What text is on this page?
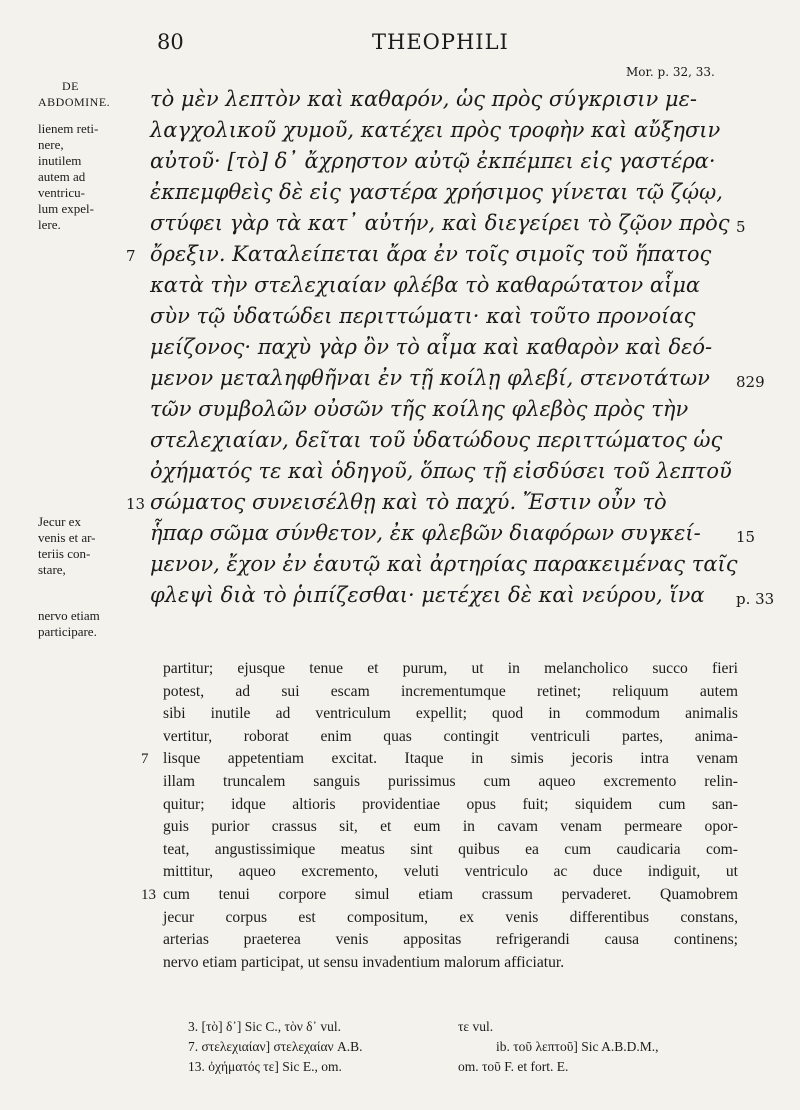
80	THEOPHILI
Mor. p. 32, 33.
DE
ABDOMINE.
lienem reti-
nere,
inutilem
autem ad
ventricu-
lum expel-
lere.
Jecur ex
venis et ar-
teriis con-
stare,
nervo etiam
participare.
τὸ μὲν λεπτὸν καὶ καθαρόν, ὡς πρὸς σύγκρισιν με-
λαγχολικοῦ χυμοῦ, κατέχει πρὸς τροφὴν καὶ αὔξησιν
αὐτοῦ· [τὸ] δ᾽ ἄχρηστον αὐτῷ ἐκπέμπει εἰς γαστέρα·
ἐκπεμφθεὶς δὲ εἰς γαστέρα χρήσιμος γίνεται τῷ ζῴῳ,
στύφει γὰρ τὰ κατ᾽ αὐτήν, καὶ διεγείρει τὸ ζῷον πρὸς 5
7 ὄρεξιν. Καταλείπεται ἄρα ἐν τοῖς σιμοῖς τοῦ ἥπατος
κατὰ τὴν στελεχιαίαν φλέβα τὸ καθαρώτατον αἷμα
σὺν τῷ ὑδατώδει περιττώματι· καὶ τοῦτο προνοίας
μείζονος· παχὺ γὰρ ὂν τὸ αἷμα καὶ καθαρὸν καὶ δεό-
μενον μεταληφθῆναι ἐν τῇ κοίλῃ φλεβί, στενοτάτων 829
τῶν συμβολῶν οὐσῶν τῆς κοίλης φλεβὸς πρὸς τὴν
στελεχιαίαν, δεῖται τοῦ ὑδατώδους περιττώματος ὡς
ὀχήματός τε καὶ ὁδηγοῦ, ὅπως τῇ εἰσδύσει τοῦ λεπτοῦ
13 σώματος συνεισέλθῃ καὶ τὸ παχύ. Ἔστιν οὖν τὸ
ἧπαρ σῶμα σύνθετον, ἐκ φλεβῶν διαφόρων συγκεί- 15
μενον, ἔχον ἐν ἑαυτῷ καὶ ἀρτηρίας παρακειμένας ταῖς
φλεψὶ διὰ τὸ ῥιπίζεσθαι· μετέχει δὲ καὶ νεύρου, ἵνα p. 33
partitur; ejusque tenue et purum, ut in melancholico succo fieri
potest, ad sui escam incrementumque retinet; reliquum autem
sibi inutile ad ventriculum expellit; quod in commodum animalis
vertitur, roborat enim quas contingit ventriculi partes, anima-
7 lisque appetentiam excitat. Itaque in simis jecoris intra venam
illam truncalem sanguis purissimus cum aqueo excremento relin-
quitur; idque altioris providentiae opus fuit; siquidem cum san-
guis purior crassus sit, et eum in cavam venam permeare opor-
teat, angustissimique meatus sint quibus ea cum caudicaria com-
mittitur, aqueo excremento, veluti ventriculo ac duce indiguit, ut
13 cum tenui corpore simul etiam crassum pervaderet. Quamobrem
jecur corpus est compositum, ex venis differentibus constans,
arterias praeterea venis appositas refrigerandi causa continens;
nervo etiam participat, ut sensu invadentium malorum afficiatur.
3. [τὸ] δ᾽] Sic C., τὸν δ᾽ vul.	τε vul.
7. στελεχιαίαν] στελεχαίαν A.B.	ib. τοῦ λεπτοῦ] Sic A.B.D.M.,
13. ὀχήματός τε] Sic E., om.	om. τοῦ F. et fort. E.
